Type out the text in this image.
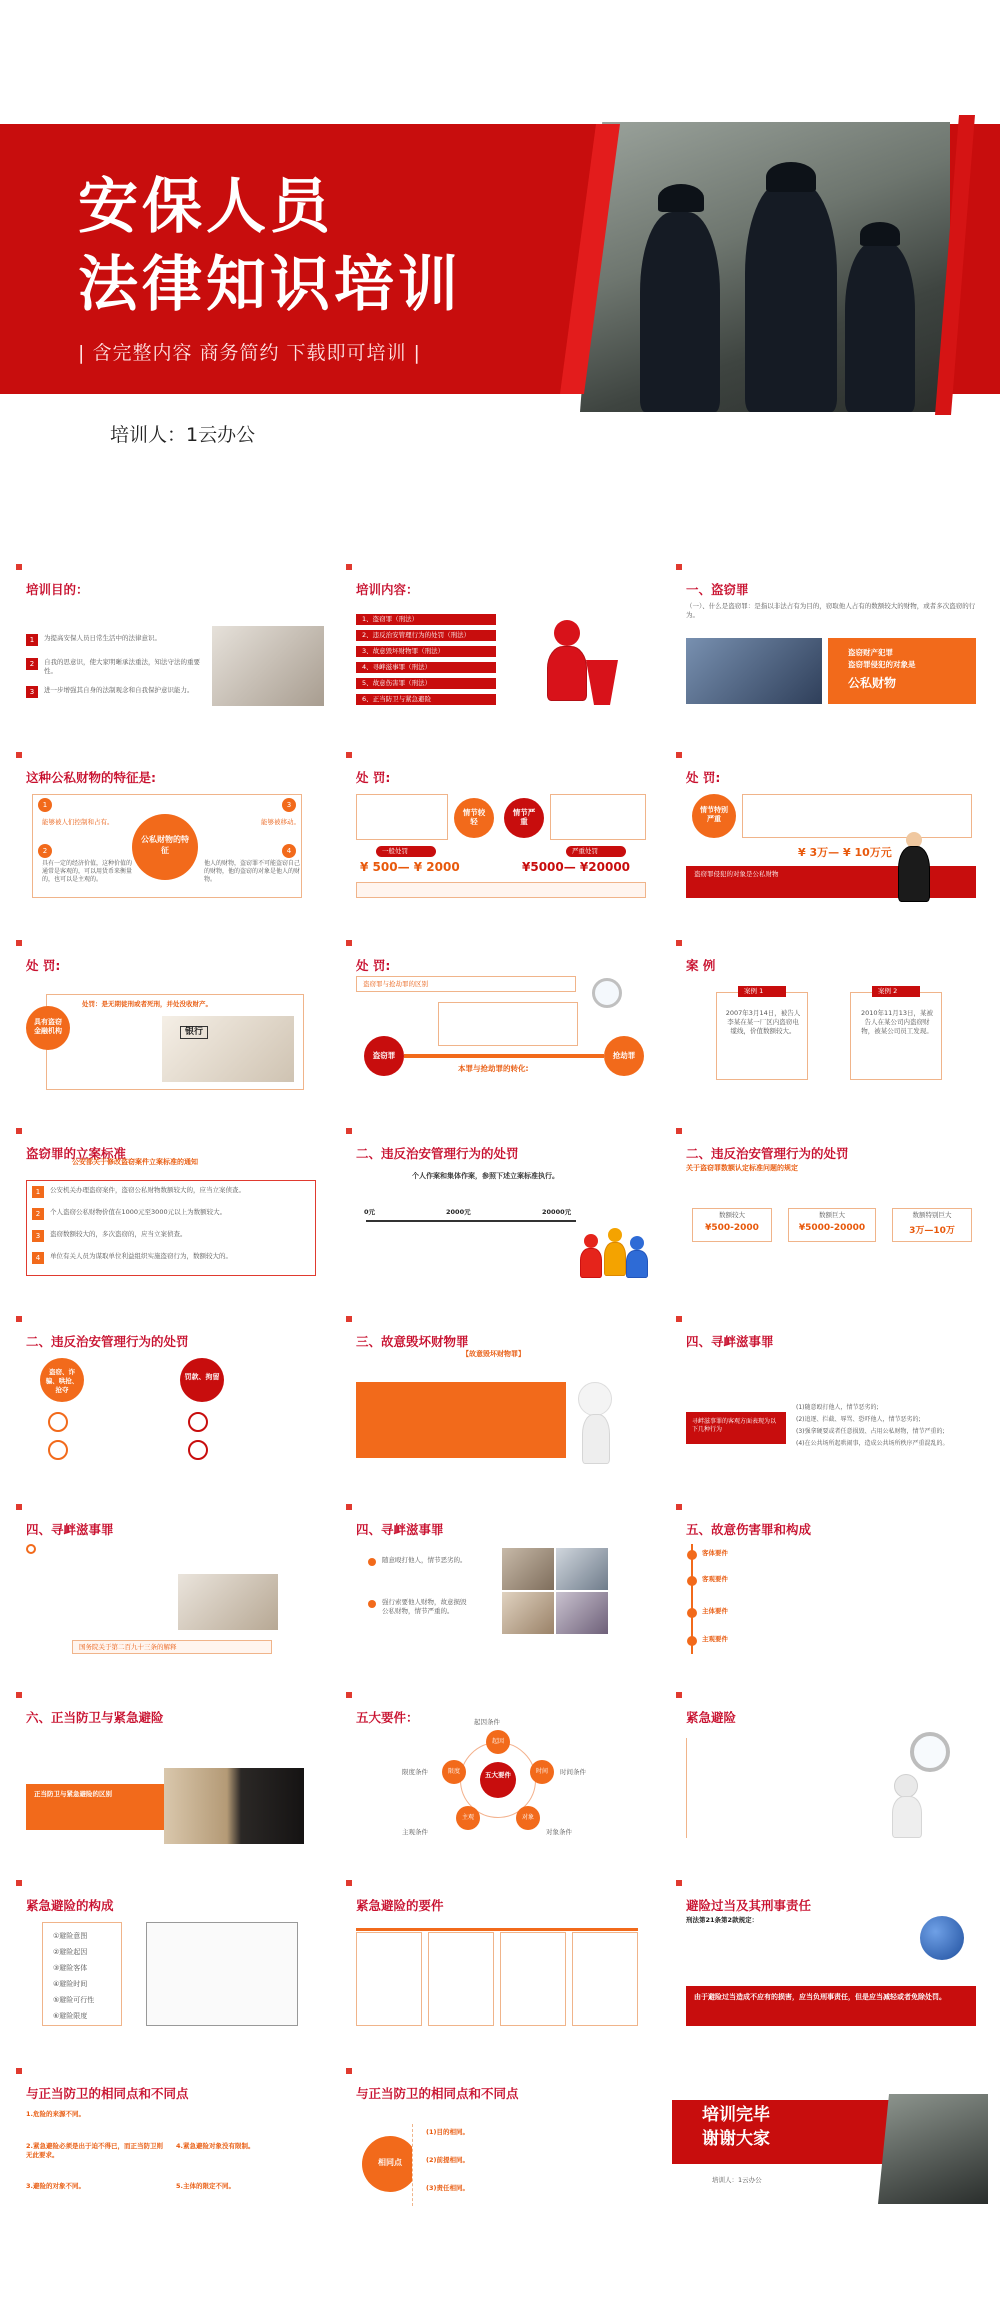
安保人员
法律知识培训
| 含完整内容 商务简约 下载即可培训 |
培训人：1云办公
培训目的：
1	为提高安保人员日常生活中的法律意识。
2	自我的思意识，使大家明晰承法重法，知法守法的重要性。
3	进一步增强其自身的法制观念和自我保护意识能力。
培训内容：
1、盗窃罪（刑法）
2、违反治安管理行为的处罚（刑法）
3、故意毁坏财物罪（刑法）
4、寻衅滋事罪（刑法）
5、故意伤害罪（刑法）
6、正当防卫与紧急避险
一、盗窃罪
（一）、什么是盗窃罪：是指以非法占有为目的，窃取他人占有的数额较大的财物，或者多次盗窃的行为。
盗窃财产犯罪
盗窃罪侵犯的对象是
公私财物
这种公私财物的特征是:
公私财物的特征
1
能够被人们控制和占有。
3
能够被移动。
2
具有一定的经济价值，这种价值的通常是客观的，可以用货币来衡量的，也可以是主观的。
4
他人的财物，盗窃罪不可能盗窃自己的财物，他的盗窃的对象是他人的财物。
处 罚:
情节较轻
情节严重
一般处罚
¥ 500— ¥ 2000
严重处罚
¥5000— ¥20000
处 罚:
情节特别严重
¥ 3万— ¥ 10万元
盗窃罪侵犯的对象是公私财物
处 罚:
具有盗窃金融机构
处罚：是无期徒刑或者死刑，并处没收财产。
银行
处 罚:
盗窃罪与抢劫罪的区别
盗窃罪	抢劫罪
本罪与抢劫罪的转化:
案 例
2007年3月14日，被告人李某在某一厂区内盗窃电缆线，价值数额较大。
案例 1
2010年11月13日，某被告人在某公司内盗窃财物，被某公司员工发现。
案例 2
盗窃罪的立案标准
公安部关于修改盗窃案件立案标准的通知
1	公安机关办理盗窃案件，盗窃公私财物数额较大的，应当立案侦查。
2	个人盗窃公私财物价值在1000元至3000元以上为数额较大。
3	盗窃数额较大的，多次盗窃的，应当立案侦查。
4	单位有关人员为谋取单位利益组织实施盗窃行为，数额较大的。
二、违反治安管理行为的处罚
个人作案和集体作案，参照下述立案标准执行。
0元	2000元	20000元
二、违反治安管理行为的处罚
关于盗窃罪数额认定标准问题的规定
数额较大
¥500-2000
数额巨大
¥5000-20000
数额特别巨大
3万—10万
二、违反治安管理行为的处罚
盗窃、诈骗、哄抢、抢夺
罚款、拘留
三、故意毁坏财物罪
【故意毁坏财物罪】
四、寻衅滋事罪
寻衅滋事罪的客观方面表现为以下几种行为
(1)随意殴打他人，情节恶劣的;
(2)追逐、拦截、辱骂、恐吓他人，情节恶劣的;
(3)强拿硬要或者任意损毁、占用公私财物，情节严重的;
(4)在公共场所起哄闹事，造成公共场所秩序严重混乱的。
四、寻衅滋事罪
国务院关于第二百九十三条的解释
四、寻衅滋事罪
随意殴打他人，情节恶劣的。
强行索要他人财物，故意损毁公私财物，情节严重的。
五、故意伤害罪和构成
客体要件
客观要件
主体要件
主观要件
六、正当防卫与紧急避险
正当防卫与紧急避险的区别
五大要件：
五大要件
起因
时间
对象
主观
限度
起因条件
时间条件
对象条件
主观条件
限度条件
紧急避险
紧急避险的构成
①避险意图
②避险起因
③避险客体
④避险时间
⑤避险可行性
⑥避险限度
紧急避险的要件	避险过当及其刑事责任
刑法第21条第2款规定：
由于避险过当造成不应有的损害，应当负刑事责任，但是应当减轻或者免除处罚。
与正当防卫的相同点和不同点
1.危险的来源不同。
2.紧急避险必须是出于迫不得已，而正当防卫则无此要求。
3.避险的对象不同。
4.紧急避险对象没有限制。
5.主体的限定不同。
与正当防卫的相同点和不同点
相同点
(1)目的相同。
(2)前提相同。
(3)责任相同。
培训完毕
谢谢大家
培训人：1云办公
